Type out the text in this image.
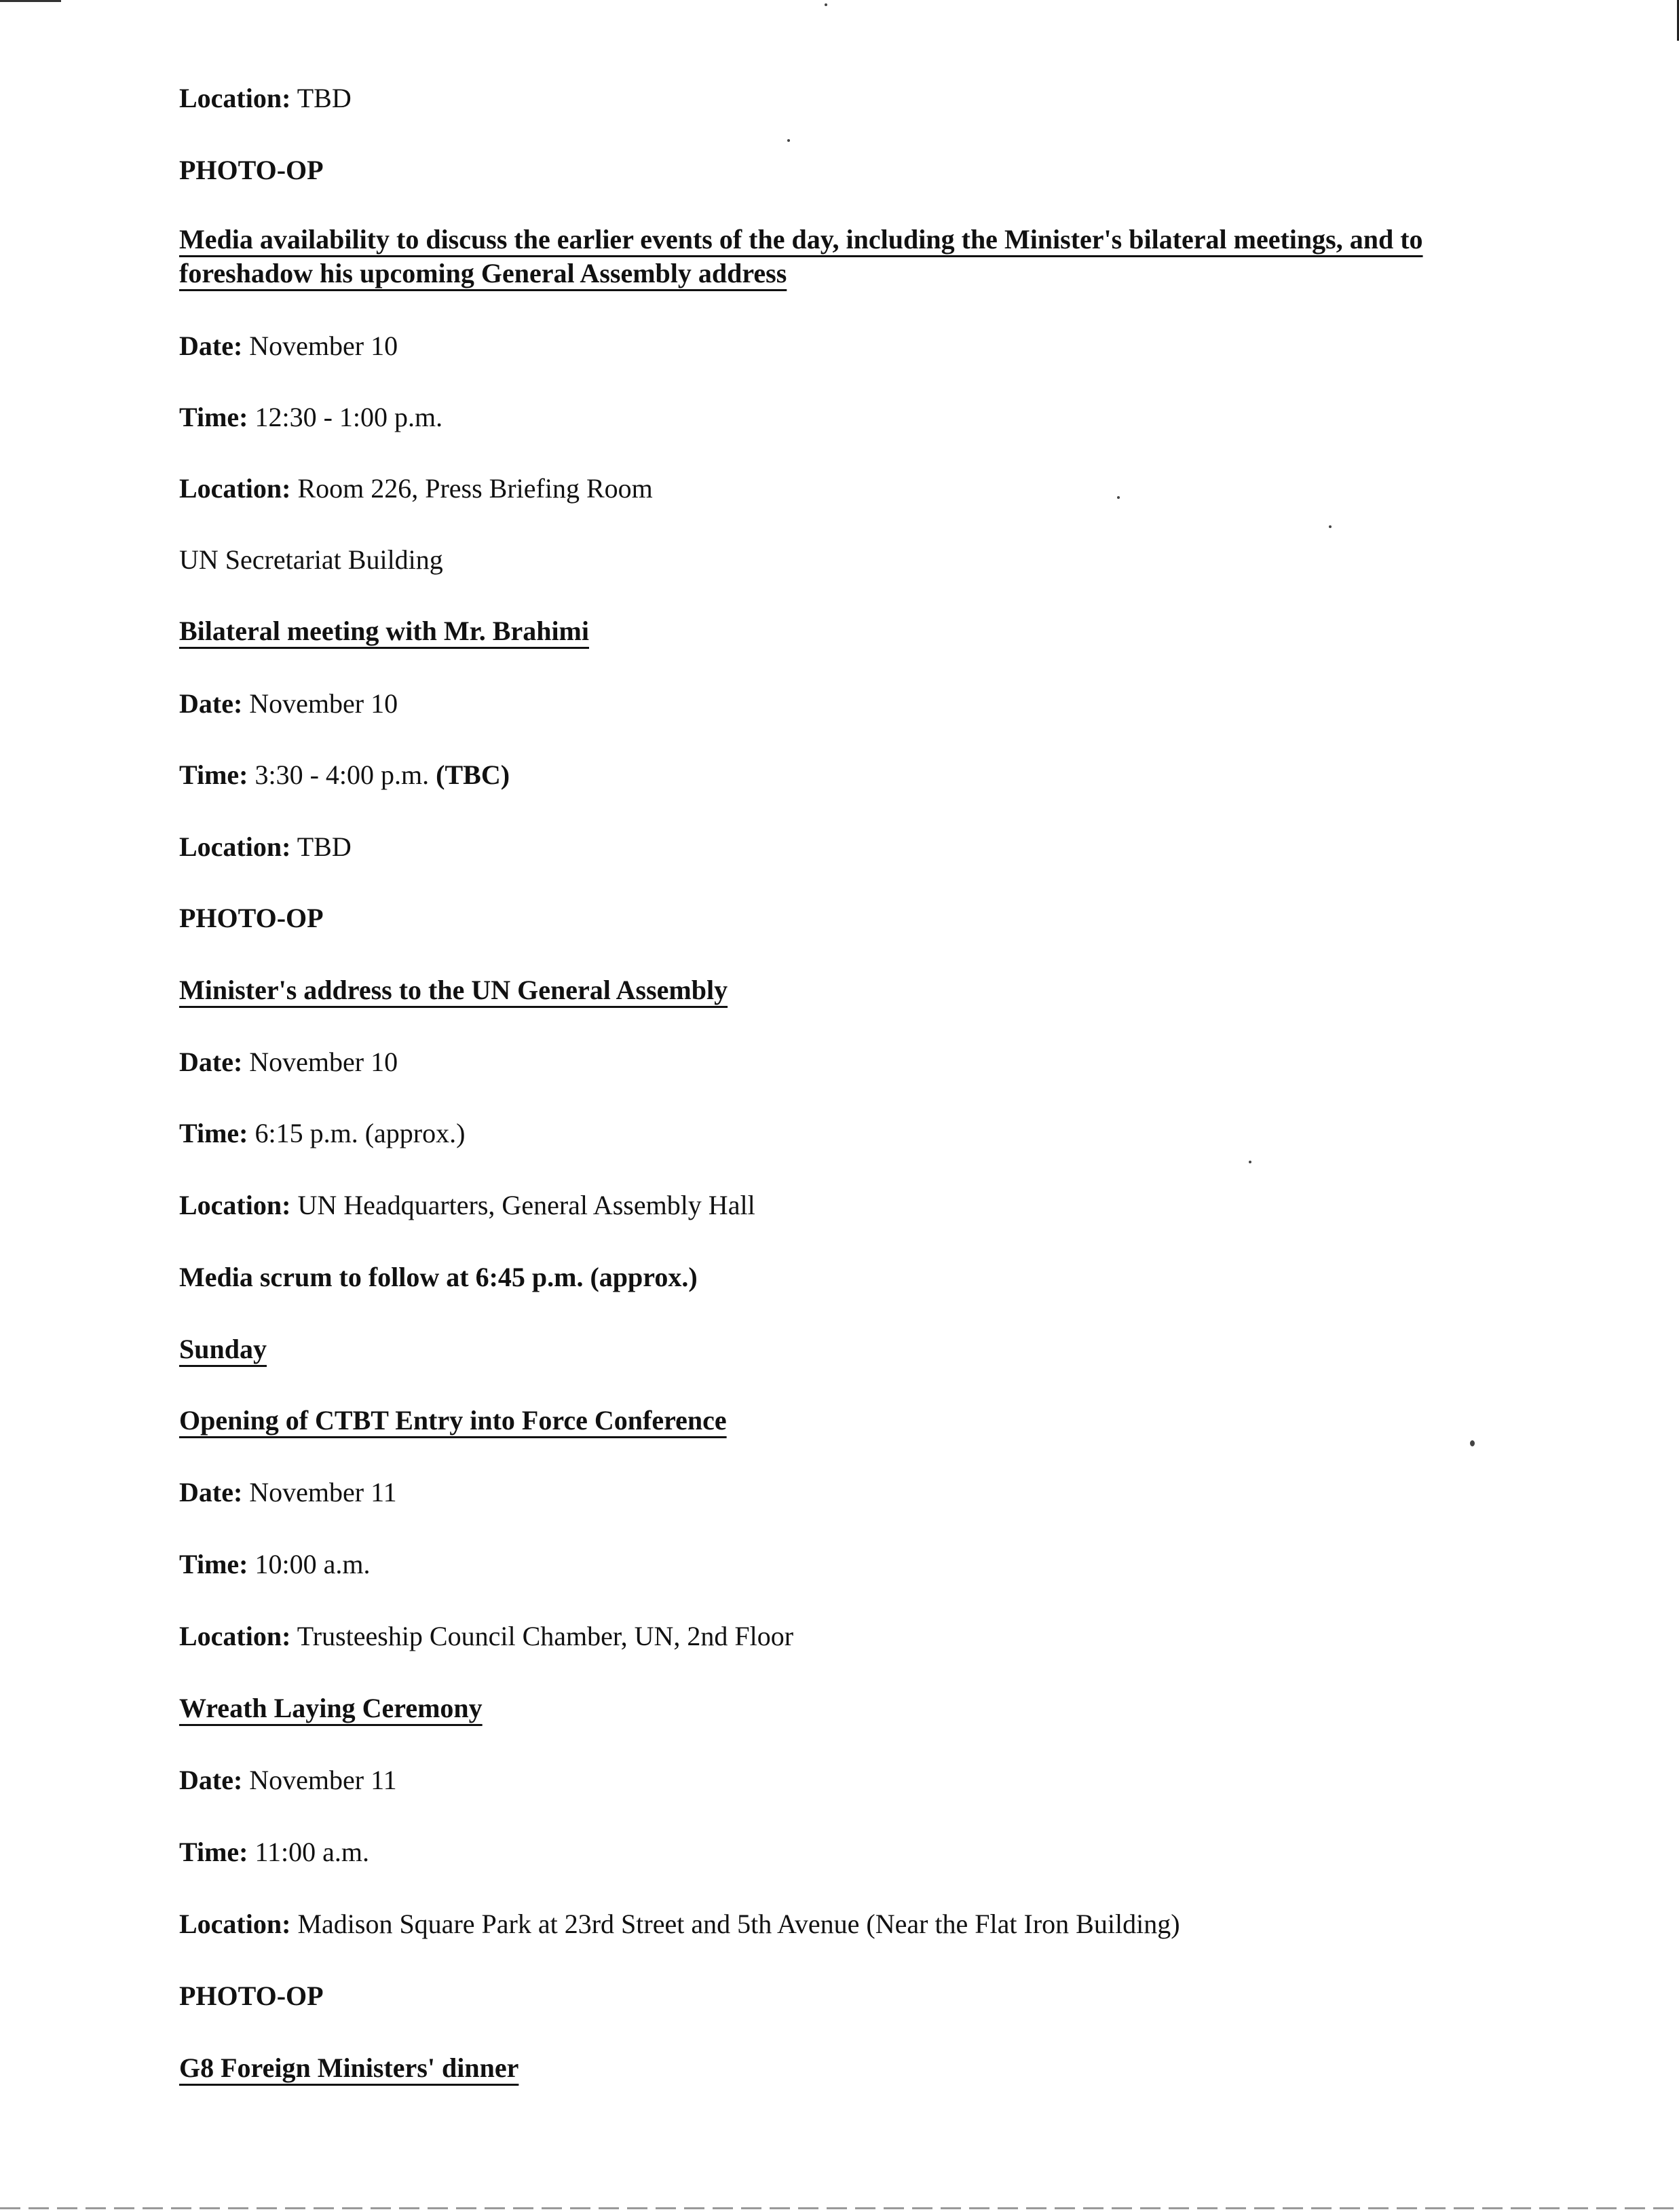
Location: TBD
PHOTO-OP
Media availability to discuss the earlier events of the day, including the Minister's bilateral meetings, and to foreshadow his upcoming General Assembly address
Date: November 10
Time: 12:30 - 1:00 p.m.
Location: Room 226, Press Briefing Room
UN Secretariat Building
Bilateral meeting with Mr. Brahimi
Date: November 10
Time: 3:30 - 4:00 p.m. (TBC)
Location: TBD
PHOTO-OP
Minister's address to the UN General Assembly
Date: November 10
Time: 6:15 p.m. (approx.)
Location: UN Headquarters, General Assembly Hall
Media scrum to follow at 6:45 p.m. (approx.)
Sunday
Opening of CTBT Entry into Force Conference
Date: November 11
Time: 10:00 a.m.
Location: Trusteeship Council Chamber, UN, 2nd Floor
Wreath Laying Ceremony
Date: November 11
Time: 11:00 a.m.
Location: Madison Square Park at 23rd Street and 5th Avenue (Near the Flat Iron Building)
PHOTO-OP
G8 Foreign Ministers' dinner
